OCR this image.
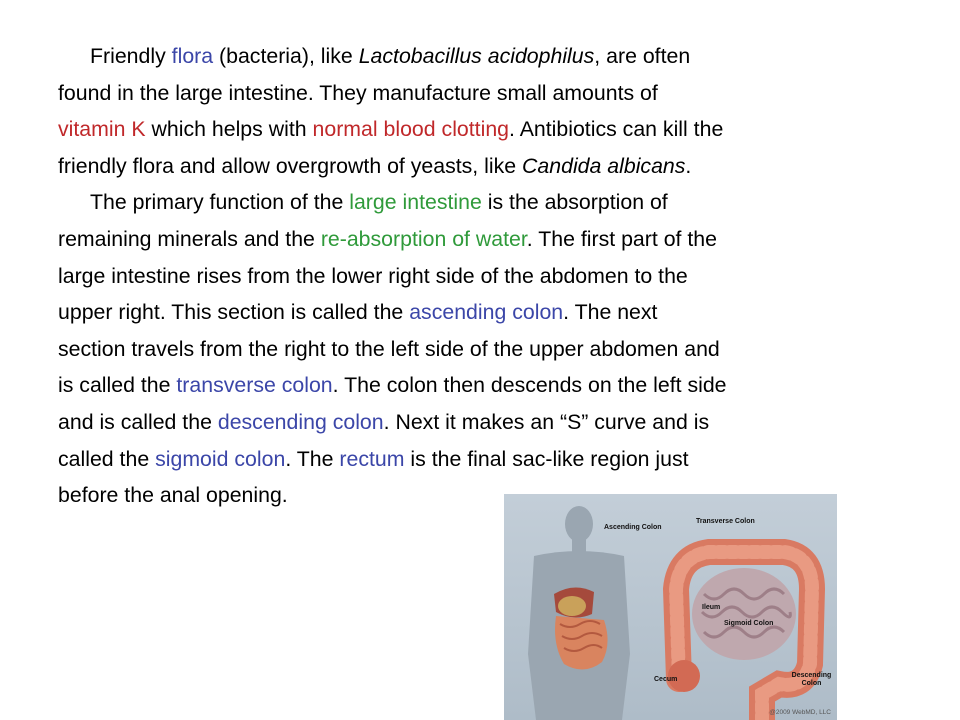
Friendly flora (bacteria), like Lactobacillus acidophilus, are often
found in the large intestine. They manufacture small amounts of
vitamin K which helps with normal blood clotting. Antibiotics can kill the
friendly flora and allow overgrowth of yeasts, like Candida albicans.
The primary function of the large intestine is the absorption of
remaining minerals and the re-absorption of water. The first part of the
large intestine rises from the lower right side of the abdomen to the
upper right. This section is called the ascending colon. The next
section travels from the right to the left side of the upper abdomen and
is called the transverse colon. The colon then descends on the left side
and is called the descending colon. Next it makes an “S” curve and is
called the sigmoid colon. The rectum is the final sac-like region just
before the anal opening.
Ascending Colon
Transverse Colon
Ileum
Sigmoid Colon
Cecum
Descending Colon
@2009 WebMD, LLC
